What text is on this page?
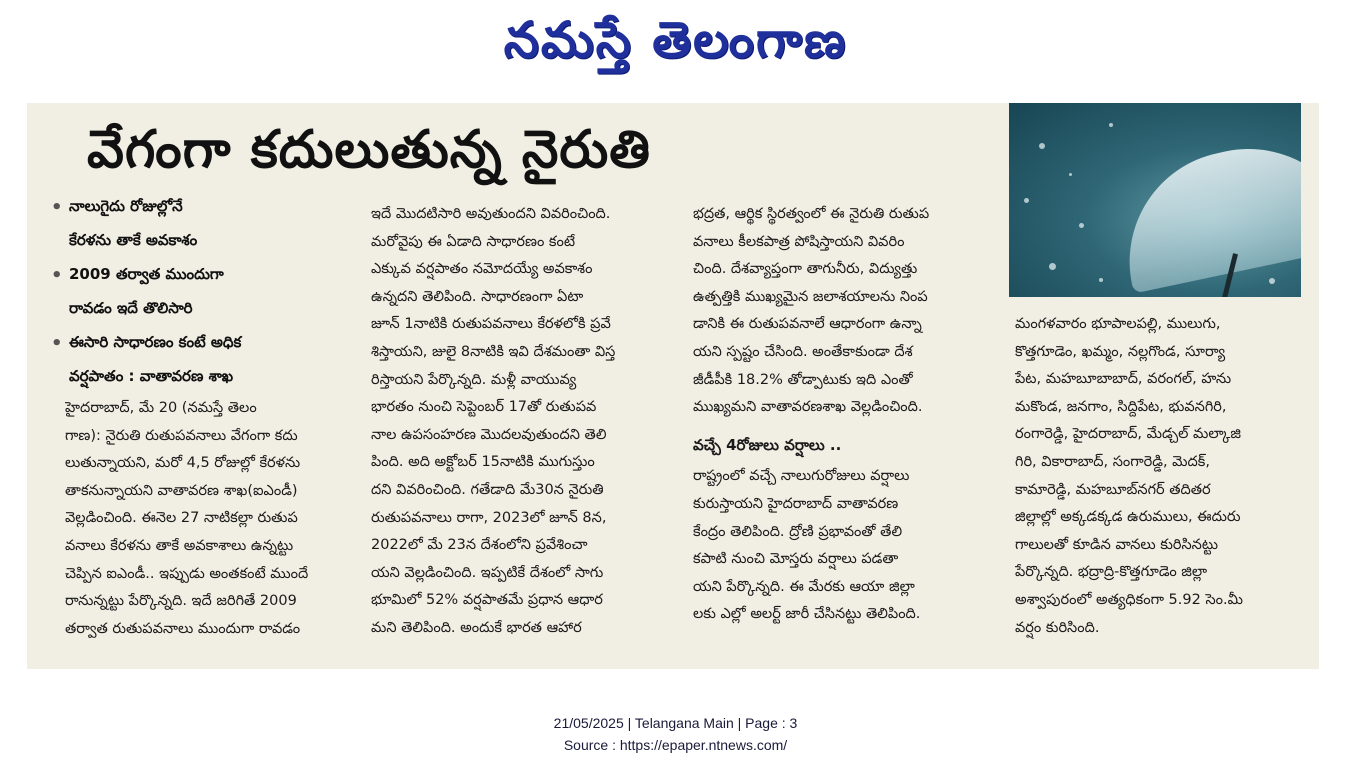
నమస్తే తెలంగాణ
వేగంగా కదులుతున్న నైరుతి
• నాలుగైదు రోజుల్లోనే
కేరళను తాకే అవకాశం
• 2009 తర్వాత ముందుగా
రావడం ఇదే తొలిసారి
• ఈసారి సాధారణం కంటే అధిక
వర్షపాతం : వాతావరణ శాఖ
హైదరాబాద్, మే 20 (నమస్తే తెలం
గాణ): నైరుతి రుతుపవనాలు వేగంగా కదు
లుతున్నాయని, మరో 4,5 రోజుల్లో కేరళను
తాకనున్నాయని వాతావరణ శాఖ(ఐఎండీ)
వెల్లడించింది. ఈనెల 27 నాటికల్లా రుతుప
వనాలు కేరళను తాకే అవకాశాలు ఉన్నట్టు
చెప్పిన ఐఎండీ.. ఇప్పుడు అంతకంటే ముందే
రానున్నట్టు పేర్కొన్నది. ఇదే జరిగితే 2009
తర్వాత రుతుపవనాలు ముందుగా రావడం
ఇదే మొదటిసారి అవుతుందని వివరించింది.
మరోవైపు ఈ ఏడాది సాధారణం కంటే
ఎక్కువ వర్షపాతం నమోదయ్యే అవకాశం
ఉన్నదని తెలిపింది. సాధారణంగా ఏటా
జూన్ 1నాటికి రుతుపవనాలు కేరళలోకి ప్రవే
శిస్తాయని, జులై 8నాటికి ఇవి దేశమంతా విస్త
రిస్తాయని పేర్కొన్నది. మళ్లీ వాయువ్య
భారతం నుంచి సెప్టెంబర్ 17తో రుతుపవ
నాల ఉపసంహరణ మొదలవుతుందని తెలి
పింది. అది అక్టోబర్ 15నాటికి ముగుస్తుం
దని వివరించింది. గతేడాది మే30న నైరుతి
రుతుపవనాలు రాగా, 2023లో జూన్ 8న,
2022లో మే 23న దేశంలోని ప్రవేశించా
యని వెల్లడించింది. ఇప్పటికే దేశంలో సాగు
భూమిలో 52% వర్షపాతమే ప్రధాన ఆధార
మని తెలిపింది. అందుకే భారత ఆహార
భద్రత, ఆర్థిక స్థిరత్వంలో ఈ నైరుతి రుతుప
వనాలు కీలకపాత్ర పోషిస్తాయని వివరిం
చింది. దేశవ్యాప్తంగా తాగునీరు, విద్యుత్తు
ఉత్పత్తికి ముఖ్యమైన జలాశయాలను నింప
డానికి ఈ రుతుపవనాలే ఆధారంగా ఉన్నా
యని స్పష్టం చేసింది. అంతేకాకుండా దేశ
జీడీపీకి 18.2% తోడ్పాటుకు ఇది ఎంతో
ముఖ్యమని వాతావరణశాఖ వెల్లడించింది.
వచ్చే 4రోజులు వర్షాలు ..
రాష్ట్రంలో వచ్చే నాలుగురోజులు వర్షాలు
కురుస్తాయని హైదరాబాద్ వాతావరణ
కేంద్రం తెలిపింది. ద్రోణి ప్రభావంతో తేలి
కపాటి నుంచి మోస్తరు వర్షాలు పడతా
యని పేర్కొన్నది. ఈ మేరకు ఆయా జిల్లా
లకు ఎల్లో అలర్ట్ జారీ చేసినట్టు తెలిపింది.
మంగళవారం భూపాలపల్లి, ములుగు,
కొత్తగూడెం, ఖమ్మం, నల్లగొండ, సూర్యా
పేట, మహబూబాబాద్, వరంగల్, హను
మకొండ, జనగాం, సిద్దిపేట, భువనగిరి,
రంగారెడ్డి, హైదరాబాద్, మేడ్చల్ మల్కాజి
గిరి, వికారాబాద్, సంగారెడ్డి, మెదక్,
కామారెడ్డి, మహబూబ్‌నగర్ తదితర
జిల్లాల్లో అక్కడక్కడ ఉరుములు, ఈదురు
గాలులతో కూడిన వానలు కురిసినట్టు
పేర్కొన్నది. భద్రాద్రి-కొత్తగూడెం జిల్లా
అశ్వాపురంలో అత్యధికంగా 5.92 సెం.మీ
వర్షం కురిసింది.
21/05/2025 | Telangana Main | Page : 3
Source : https://epaper.ntnews.com/
